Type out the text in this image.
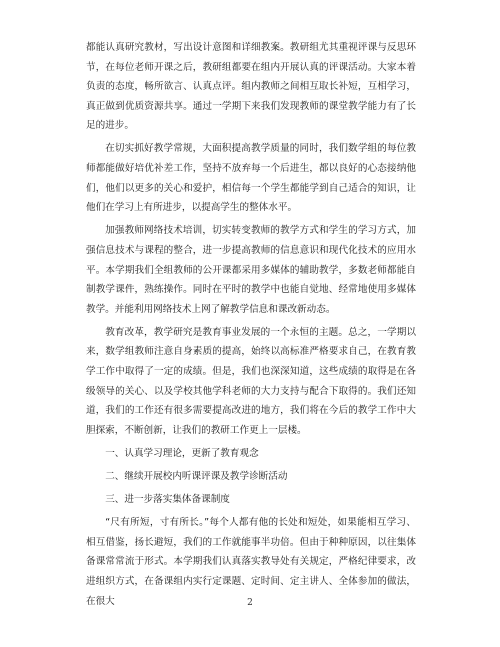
都能认真研究教材，写出设计意图和详细教案。教研组尤其重视评课与反思环节，在每位老师开课之后，教研组都要在组内开展认真的评课活动。大家本着负责的态度，畅所欲言、认真点评。组内教师之间相互取长补短，互相学习，真正做到优质资源共享。通过一学期下来我们发现教师的课堂教学能力有了长足的进步。

在切实抓好教学常规，大面积提高教学质量的同时，我们数学组的每位教师都能做好培优补差工作，坚持不放弃每一个后进生，都以良好的心态接纳他们，他们以更多的关心和爱护，相信每一个学生都能学到自己适合的知识，让他们在学习上有所进步，以提高学生的整体水平。

加强教师网络技术培训，切实转变教师的教学方式和学生的学习方式，加强信息技术与课程的整合，进一步提高教师的信息意识和现代化技术的应用水平。本学期我们全组教师的公开课都采用多媒体的辅助教学，多数老师都能自制教学课件，熟练操作。同时在平时的教学中也能自觉地、经常地使用多媒体教学。并能利用网络技术上网了解教学信息和课改新动态。

教育改革，教学研究是教育事业发展的一个永恒的主题。总之，一学期以来，数学组教师注意自身素质的提高，始终以高标准严格要求自己，在教育教学工作中取得了一定的成绩。但是，我们也深深知道，这些成绩的取得是在各级领导的关心、以及学校其他学科老师的大力支持与配合下取得的。我们还知道，我们的工作还有很多需要提高改进的地方，我们将在今后的教学工作中大胆探索，不断创新，让我们的教研工作更上一层楼。

一、认真学习理论，更新了教育观念

二、继续开展校内听课评课及教学诊断活动

三、进一步落实集体备课制度

“尺有所短，寸有所长。”每个人都有他的长处和短处，如果能相互学习、相互借鉴，扬长避短，我们的工作就能事半功倍。但由于种种原因，以往集体备课常常流于形式。本学期我们认真落实教导处有关规定，严格纪律要求，改进组织方式，在备课组内实行定课题、定时间、定主讲人、全体参加的做法，在很大	2
